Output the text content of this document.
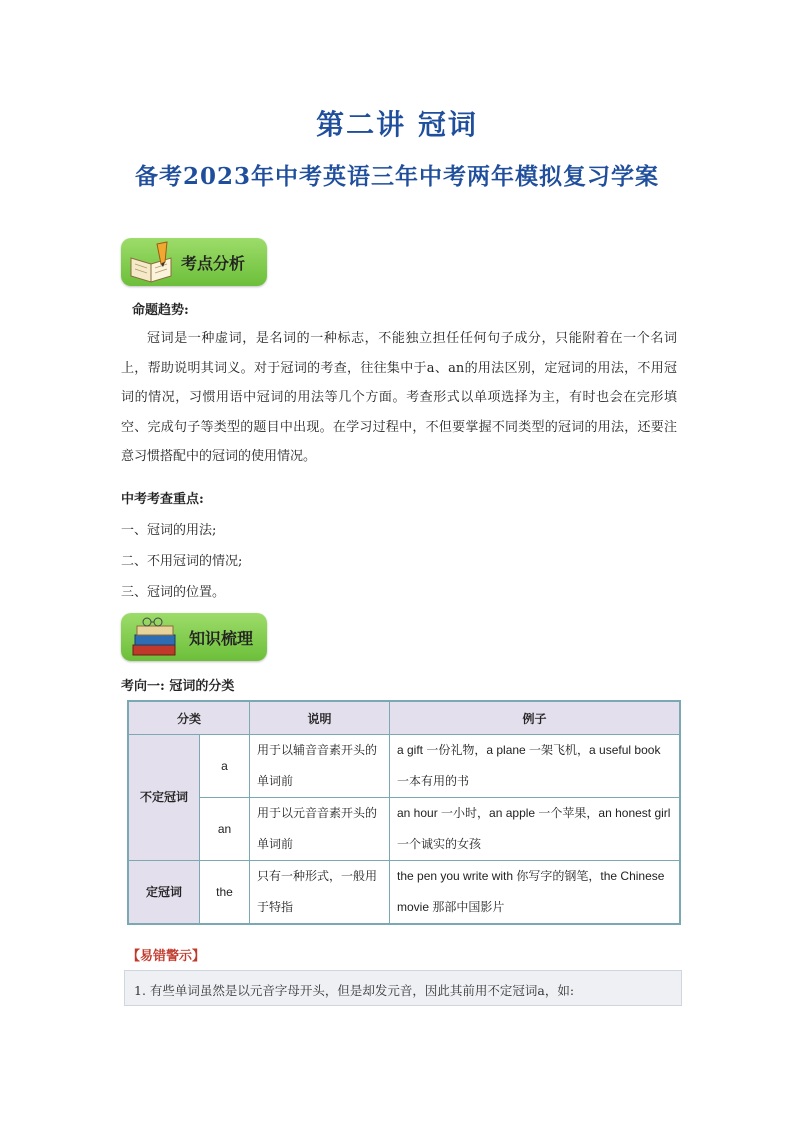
第二讲 冠词
备考2023年中考英语三年中考两年模拟复习学案
考点分析
命题趋势:
冠词是一种虚词，是名词的一种标志，不能独立担任任何句子成分，只能附着在一个名词上，帮助说明其词义。对于冠词的考查，往往集中于a、an的用法区别，定冠词的用法，不用冠词的情况，习惯用语中冠词的用法等几个方面。考查形式以单项选择为主，有时也会在完形填空、完成句子等类型的题目中出现。在学习过程中，不但要掌握不同类型的冠词的用法，还要注意习惯搭配中的冠词的使用情况。
中考考查重点:
一、冠词的用法;
二、不用冠词的情况;
三、冠词的位置。
知识梳理
考向一: 冠词的分类
分类		说明	例子
不定冠词	a	用于以辅音音素开头的单词前	a gift 一份礼物，a plane 一架飞机，a useful book 一本有用的书
	an	用于以元音音素开头的单词前	an hour 一小时，an apple 一个苹果，an honest girl 一个诚实的女孩
定冠词	the	只有一种形式，一般用于特指	the pen you write with 你写字的钢笔，the Chinese movie 那部中国影片
【易错警示】
1. 有些单词虽然是以元音字母开头，但是却发元音，因此其前用不定冠词a，如:
